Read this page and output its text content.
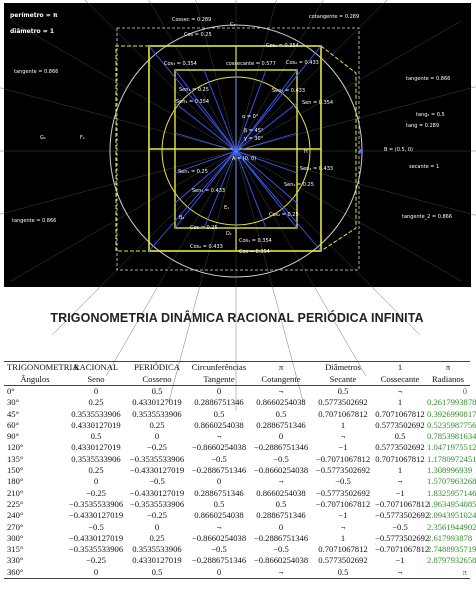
Cossec = 0.289	cotangente = 0.289
C₁
Cos = 0.25
Cos₄ = 0.354
tangente = 0.866
Cos₃ = 0.354	cossecante = 0.577 Cos₂ = 0.433
Sen₄ = 0.25
tangente = 0.866
Sen₃ = 0.354	Sen = 0.354
Sen₃ = 0.433
tang₂ = 0.5
α = 0°
tang = 0.289
β = 45°
γ = 30°
A = (0, 0)
B = (0.5, 0)
secante = 1
Sen₁ = 0.25	Sen₂ = 0.433
Sen₁ = 0.433
Sen₁ = 0.25
tangente = 0.866
tangente_2 = 0.866
Cos₂ = 0.433
Cos = 0.354
Cos₁ = 0.354
Cos = 0.25
Cos₂ = 0.25
G₁	F₁
E₁
D₁
B₁
H
perímetro = π
diâmetro = 1
TRIGONOMETRIA DINÂMICA RACIONAL PERIÓDICA INFINITA
TRIGONOMETRIA	RACIONAL	PERIÓDICA	Circunferências	π	Diâmetros	1	π
Ângulos	Seno	Cosseno	Tangente	Cotangente	Secante	Cossecante	Radianos
0°	0	0.5	0	¬	0.5	¬	0
30°	0.25	0.4330127019	0.2886751346	0.8660254038	0.5773502692	1	0.2617993878
45°	0.3535533906	0.3535533906	0.5	0.5	0.7071067812	0.7071067812	0.3926990817
60°	0.4330127019	0.25	0.8660254038	0.2886751346	1	0.5773502692	0.5235987756
90°	0.5	0	¬	0	¬	0.5	0.7853981634
120°	0.4330127019	−0.25	−0.8660254038	−0.2886751346	−1	0.5773502692	1.0471975512
135°	0.3535533906	−0.3535533906	−0.5	−0.5	−0.7071067812	0.7071067812	1.1780972451
150°	0.25	−0.4330127019	−0.2886751346	−0.8660254038	−0.5773502692	1	1.308996939
180°	0	−0.5	0	¬	−0.5	¬	1.5707963268
210°	−0.25	−0.4330127019	0.2886751346	0.8660254038	−0.5773502692	−1	1.8325957146
225°	−0.3535533906	−0.3535533906	0.5	0.5	−0.7071067812	−0.7071067812	1.9634954085
240°	−0.4330127019	−0.25	0.8660254038	0.2886751346	−1	−0.5773502692	2.0943951024
270°	−0.5	0	¬	0	¬	−0.5	2.3561944902
300°	−0.4330127019	0.25	−0.8660254038	−0.2886751346	1	−0.5773502692	2.617993878
315°	−0.3535533906	0.3535533906	−0.5	−0.5	0.7071067812	−0.7071067812	2.7488935719
330°	−0.25	0.4330127019	−0.2886751346	−0.8660254038	0.5773502692	−1	2.8797932658
360°	0	0.5	0	¬	0.5	¬	π
